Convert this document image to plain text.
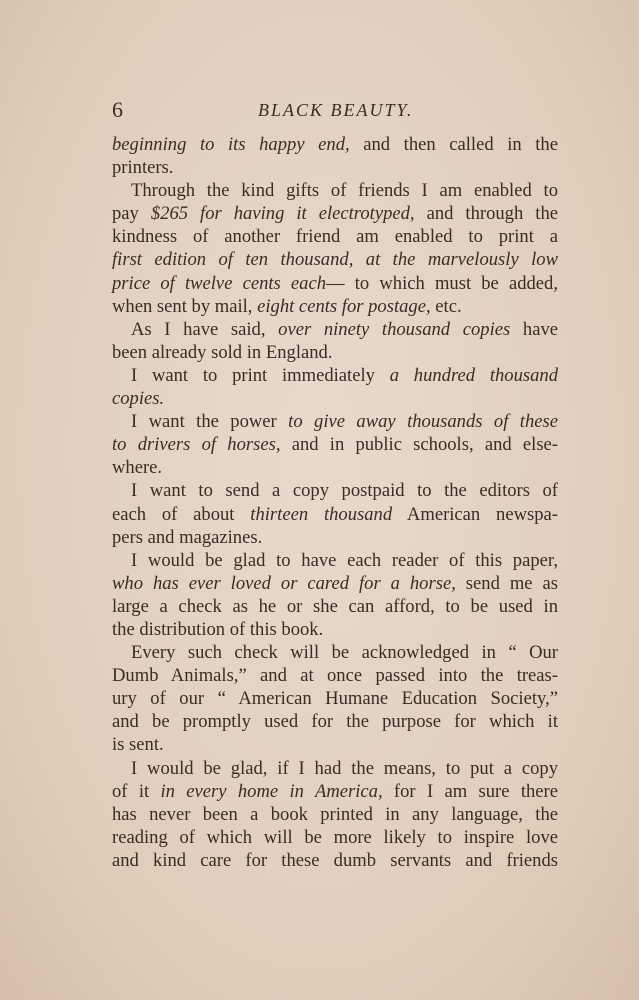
6	BLACK BEAUTY.
beginning to its happy end, and then called in the
printers.
Through the kind gifts of friends I am enabled to
pay $265 for having it electrotyped, and through the
kindness of another friend am enabled to print a
first edition of ten thousand, at the marvelously low
price of twelve cents each— to which must be added,
when sent by mail, eight cents for postage, etc.
As I have said, over ninety thousand copies have
been already sold in England.
I want to print immediately a hundred thousand
copies.
I want the power to give away thousands of these
to drivers of horses, and in public schools, and else-
where.
I want to send a copy postpaid to the editors of
each of about thirteen thousand American newspa-
pers and magazines.
I would be glad to have each reader of this paper,
who has ever loved or cared for a horse, send me as
large a check as he or she can afford, to be used in
the distribution of this book.
Every such check will be acknowledged in “ Our
Dumb Animals,” and at once passed into the treas-
ury of our “ American Humane Education Society,”
and be promptly used for the purpose for which it
is sent.
I would be glad, if I had the means, to put a copy
of it in every home in America, for I am sure there
has never been a book printed in any language, the
reading of which will be more likely to inspire love
and kind care for these dumb servants and friends
